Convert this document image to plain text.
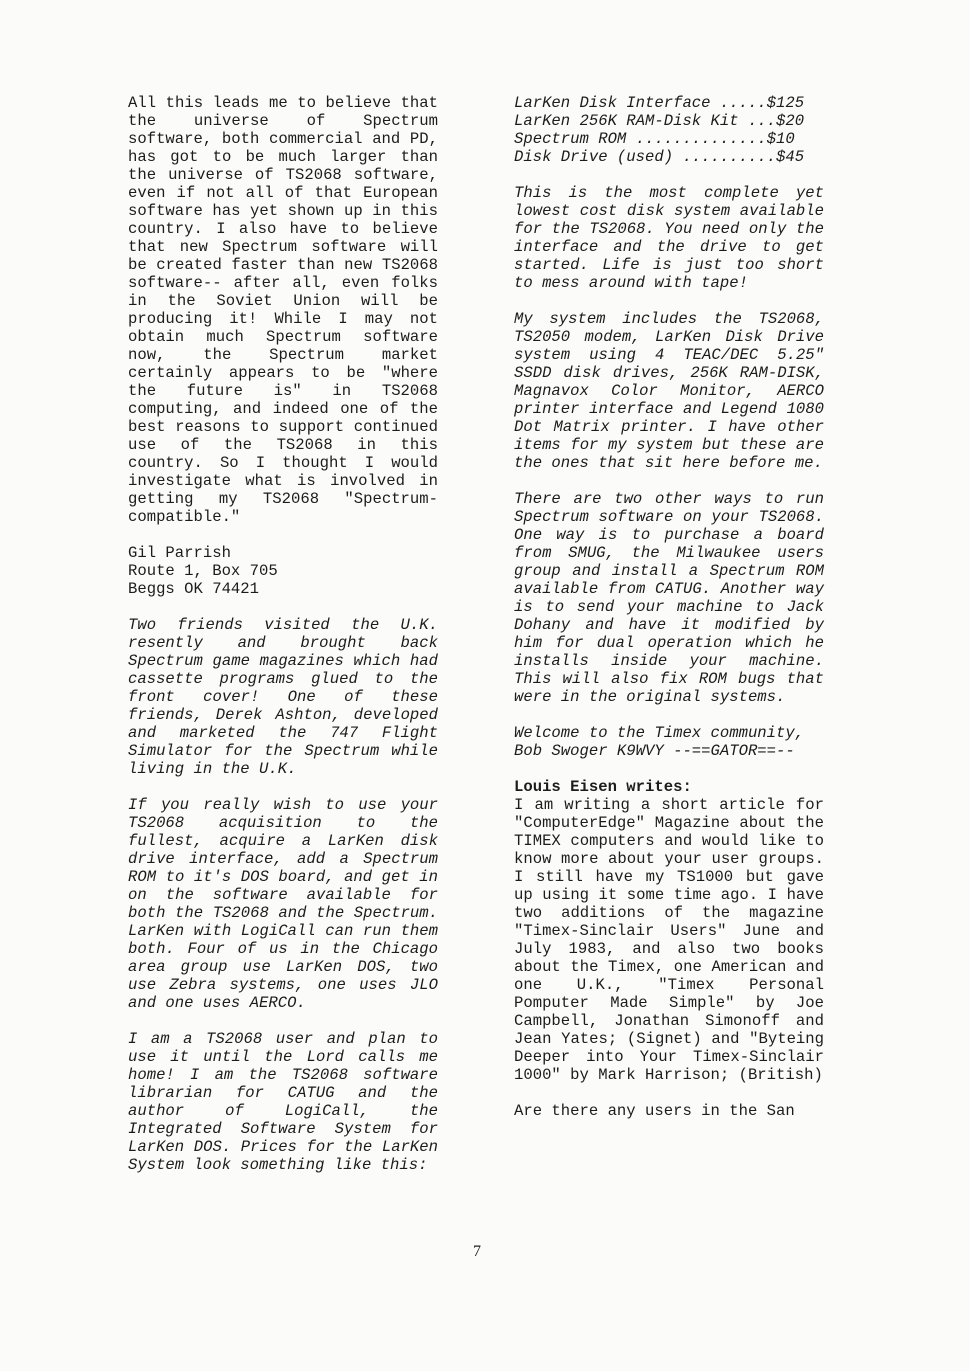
All this leads me to believe that the universe of Spectrum software, both commercial and PD, has got to be much larger than the universe of TS2068 software, even if not all of that European software has yet shown up in this country. I also have to believe that new Spectrum software will be created faster than new TS2068 software-- after all, even folks in the Soviet Union will be producing it! While I may not obtain much Spectrum software now, the Spectrum market certainly appears to be "where the future is" in TS2068 computing, and indeed one of the best reasons to support continued use of the TS2068 in this country. So I thought I would investigate what is involved in getting my TS2068 "Spectrum-compatible."

Gil Parrish
Route 1, Box 705
Beggs OK 74421

Two friends visited the U.K. resently and brought back Spectrum game magazines which had cassette programs glued to the front cover! One of these friends, Derek Ashton, developed and marketed the 747 Flight Simulator for the Spectrum while living in the U.K.

If you really wish to use your TS2068 acquisition to the fullest, acquire a LarKen disk drive interface, add a Spectrum ROM to it's DOS board, and get in on the software available for both the TS2068 and the Spectrum. LarKen with LogiCall can run them both. Four of us in the Chicago area group use LarKen DOS, two use Zebra systems, one uses JLO and one uses AERCO.

I am a TS2068 user and plan to use it until the Lord calls me home! I am the TS2068 software librarian for CATUG and the author of LogiCall, the Integrated Software System for LarKen DOS. Prices for the LarKen System look something like this:

LarKen Disk Interface .....$125
LarKen 256K RAM-Disk Kit ...$20
Spectrum ROM ..............$10
Disk Drive (used) ..........$45

This is the most complete yet lowest cost disk system available for the TS2068. You need only the interface and the drive to get started. Life is just too short to mess around with tape!

My system includes the TS2068, TS2050 modem, LarKen Disk Drive system using 4 TEAC/DEC 5.25" SSDD disk drives, 256K RAM-DISK, Magnavox Color Monitor, AERCO printer interface and Legend 1080 Dot Matrix printer. I have other items for my system but these are the ones that sit here before me.

There are two other ways to run Spectrum software on your TS2068. One way is to purchase a board from SMUG, the Milwaukee users group and install a Spectrum ROM available from CATUG. Another way is to send your machine to Jack Dohany and have it modified by him for dual operation which he installs inside your machine. This will also fix ROM bugs that were in the original systems.

Welcome to the Timex community,
Bob Swoger K9WVY --==GATOR==--
Louis Eisen writes:

I am writing a short article for "ComputerEdge" Magazine about the TIMEX computers and would like to know more about your user groups. I still have my TS1000 but gave up using it some time ago. I have two additions of the magazine "Timex-Sinclair Users" June and July 1983, and also two books about the Timex, one American and one U.K., "Timex Personal Pomputer Made Simple" by Joe Campbell, Jonathan Simonoff and Jean Yates; (Signet) and "Byteing Deeper into Your Timex-Sinclair 1000" by Mark Harrison; (British)

Are there any users in the San

7
